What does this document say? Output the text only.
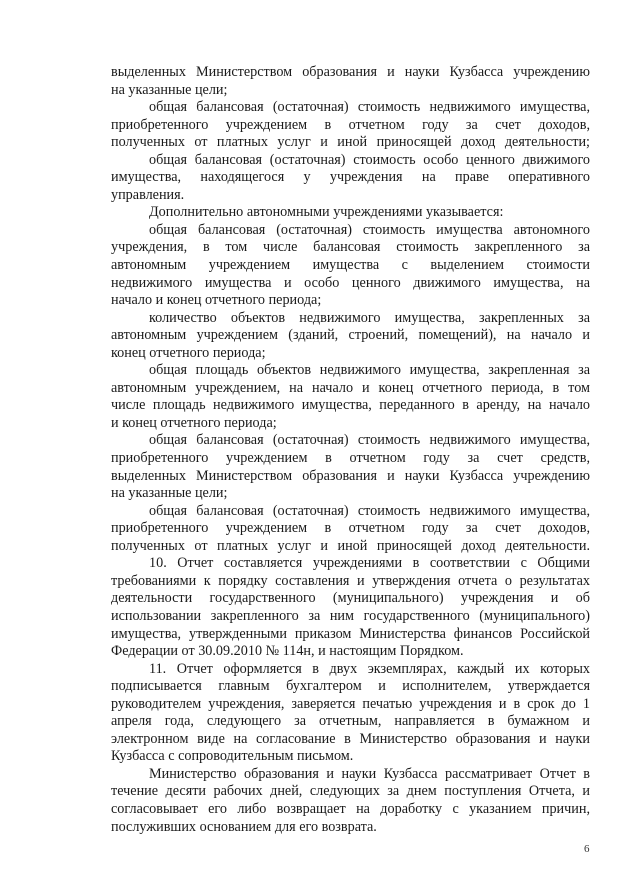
выделенных Министерством образования и науки Кузбасса учреждению
на указанные цели;
общая балансовая (остаточная) стоимость недвижимого имущества,
приобретенного учреждением в отчетном году за счет доходов,
полученных от платных услуг и иной приносящей доход деятельности;
общая балансовая (остаточная) стоимость особо ценного движимого
имущества, находящегося у учреждения на праве оперативного
управления.
Дополнительно автономными учреждениями указывается:
общая балансовая (остаточная) стоимость имущества автономного
учреждения, в том числе балансовая стоимость закрепленного за
автономным учреждением имущества с выделением стоимости
недвижимого имущества и особо ценного движимого имущества, на
начало и конец отчетного периода;
количество объектов недвижимого имущества, закрепленных за
автономным учреждением (зданий, строений, помещений), на начало и
конец отчетного периода;
общая площадь объектов недвижимого имущества, закрепленная за
автономным учреждением, на начало и конец отчетного периода, в том
числе площадь недвижимого имущества, переданного в аренду, на начало
и конец отчетного периода;
общая балансовая (остаточная) стоимость недвижимого имущества,
приобретенного учреждением в отчетном году за счет средств,
выделенных Министерством образования и науки Кузбасса учреждению
на указанные цели;
общая балансовая (остаточная) стоимость недвижимого имущества,
приобретенного учреждением в отчетном году за счет доходов,
полученных от платных услуг и иной приносящей доход деятельности.
10. Отчет составляется учреждениями в соответствии с Общими
требованиями к порядку составления и утверждения отчета о результатах
деятельности государственного (муниципального) учреждения и об
использовании закрепленного за ним государственного (муниципального)
имущества, утвержденными приказом Министерства финансов Российской
Федерации от 30.09.2010 № 114н, и настоящим Порядком.
11. Отчет оформляется в двух экземплярах, каждый их которых
подписывается главным бухгалтером и исполнителем, утверждается
руководителем учреждения, заверяется печатью учреждения и в срок до 1
апреля года, следующего за отчетным, направляется в бумажном и
электронном виде на согласование в Министерство образования и науки
Кузбасса с сопроводительным письмом.
Министерство образования и науки Кузбасса рассматривает Отчет в
течение десяти рабочих дней, следующих за днем поступления Отчета, и
согласовывает его либо возвращает на доработку с указанием причин,
послуживших основанием для его возврата.
6
